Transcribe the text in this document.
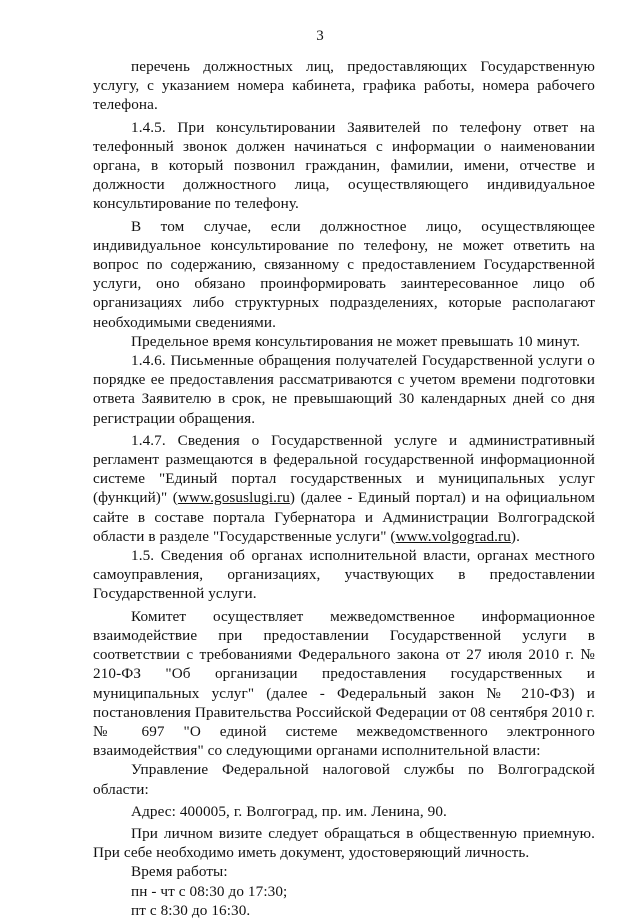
3

перечень должностных лиц, предоставляющих Государственную услугу, с указанием номера кабинета, графика работы, номера рабочего телефона.

1.4.5. При консультировании Заявителей по телефону ответ на телефонный звонок должен начинаться с информации о наименовании органа, в который позвонил гражданин, фамилии, имени, отчестве и должности должностного лица, осуществляющего индивидуальное консультирование по телефону.

В том случае, если должностное лицо, осуществляющее индивидуальное консультирование по телефону, не может ответить на вопрос по содержанию, связанному с предоставлением Государственной услуги, оно обязано проинформировать заинтересованное лицо об организациях либо структурных подразделениях, которые располагают необходимыми сведениями.

Предельное время консультирования не может превышать 10 минут.

1.4.6. Письменные обращения получателей Государственной услуги о порядке ее предоставления рассматриваются с учетом времени подготовки ответа Заявителю в срок, не превышающий 30 календарных дней со дня регистрации обращения.

1.4.7. Сведения о Государственной услуге и административный регламент размещаются в федеральной государственной информационной системе "Единый портал государственных и муниципальных услуг (функций)" (www.gosuslugi.ru) (далее - Единый портал) и на официальном сайте в составе портала Губернатора и Администрации Волгоградской области в разделе "Государственные услуги" (www.volgograd.ru).

1.5. Сведения об органах исполнительной власти, органах местного самоуправления, организациях, участвующих в предоставлении Государственной услуги.

Комитет осуществляет межведомственное информационное взаимодействие при предоставлении Государственной услуги в соответствии с требованиями Федерального закона от 27 июля 2010 г. № 210-ФЗ "Об организации предоставления государственных и муниципальных услуг" (далее - Федеральный закон № 210-ФЗ) и постановления Правительства Российской Федерации от 08 сентября 2010 г. № 697 "О единой системе межведомственного электронного взаимодействия" со следующими органами исполнительной власти:

Управление Федеральной налоговой службы по Волгоградской области:

Адрес: 400005, г. Волгоград, пр. им. Ленина, 90.

При личном визите следует обращаться в общественную приемную. При себе необходимо иметь документ, удостоверяющий личность.

Время работы:

пн - чт с 08:30 до 17:30;

пт с 8:30 до 16:30.
